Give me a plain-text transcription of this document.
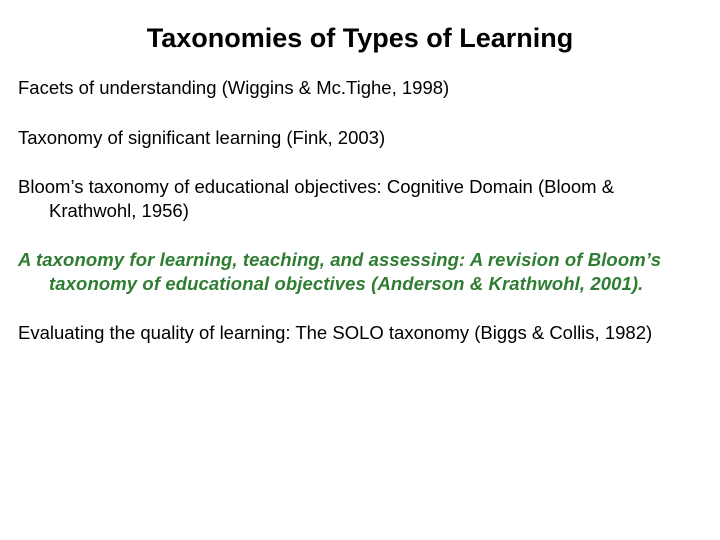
Taxonomies of Types of Learning
Facets of understanding (Wiggins & Mc.Tighe, 1998)
Taxonomy of significant learning (Fink, 2003)
Bloom’s taxonomy of educational objectives: Cognitive Domain (Bloom & Krathwohl, 1956)
A taxonomy for learning, teaching, and assessing: A revision of Bloom’s taxonomy of educational objectives (Anderson & Krathwohl, 2001).
Evaluating the quality of learning: The SOLO taxonomy (Biggs & Collis, 1982)
